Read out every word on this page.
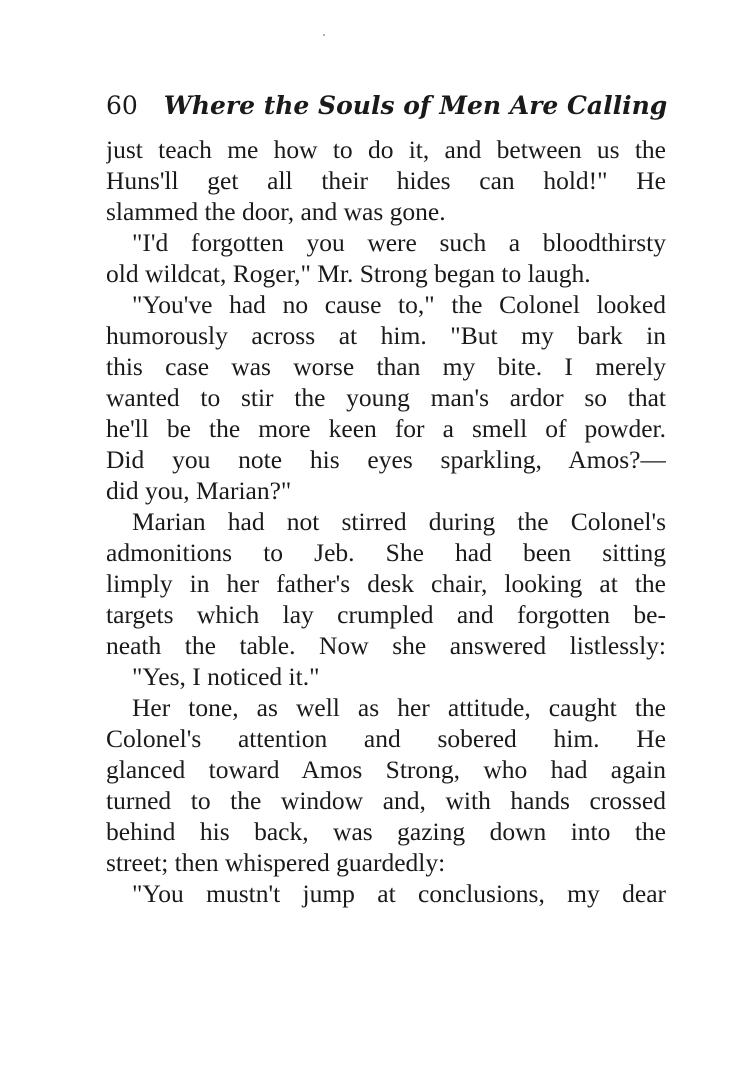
60 Where the Souls of Men Are Calling
just teach me how to do it, and between us the
Huns'll get all their hides can hold!" He
slammed the door, and was gone.
"I'd forgotten you were such a bloodthirsty
old wildcat, Roger," Mr. Strong began to laugh.
"You've had no cause to," the Colonel looked
humorously across at him. "But my bark in
this case was worse than my bite. I merely
wanted to stir the young man's ardor so that
he'll be the more keen for a smell of powder.
Did you note his eyes sparkling, Amos?—
did you, Marian?"
Marian had not stirred during the Colonel's
admonitions to Jeb. She had been sitting
limply in her father's desk chair, looking at the
targets which lay crumpled and forgotten be-
neath the table. Now she answered listlessly:
"Yes, I noticed it."
Her tone, as well as her attitude, caught the
Colonel's attention and sobered him. He
glanced toward Amos Strong, who had again
turned to the window and, with hands crossed
behind his back, was gazing down into the
street; then whispered guardedly:
"You mustn't jump at conclusions, my dear
